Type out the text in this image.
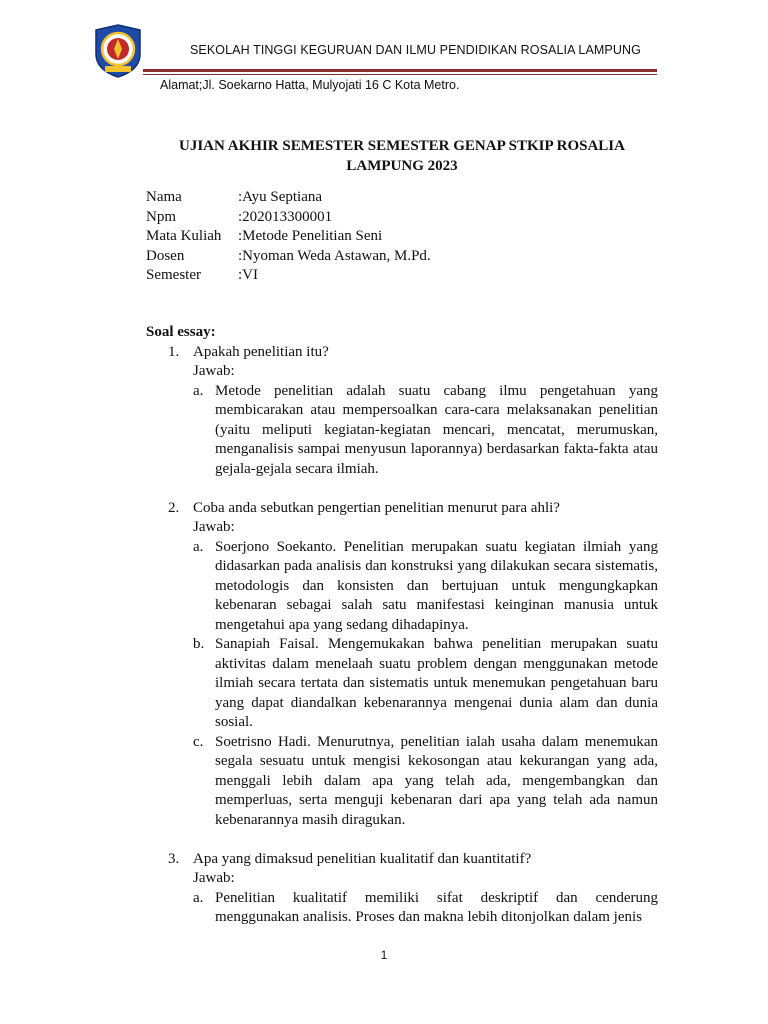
SEKOLAH TINGGI KEGURUAN DAN ILMU PENDIDIKAN ROSALIA LAMPUNG
Alamat;Jl. Soekarno Hatta, Mulyojati 16 C Kota Metro.
UJIAN AKHIR SEMESTER SEMESTER GENAP STKIP ROSALIA
LAMPUNG 2023
Nama	:Ayu Septiana
Npm	:202013300001
Mata Kuliah	:Metode Penelitian Seni
Dosen	:Nyoman Weda Astawan, M.Pd.
Semester	:VI
Soal essay:
1. Apakah penelitian itu?
Jawab:
a. Metode penelitian adalah suatu cabang ilmu pengetahuan yang membicarakan atau mempersoalkan cara-cara melaksanakan penelitian (yaitu meliputi kegiatan-kegiatan mencari, mencatat, merumuskan, menganalisis sampai menyusun laporannya) berdasarkan fakta-fakta atau gejala-gejala secara ilmiah.
2. Coba anda sebutkan pengertian penelitian menurut para ahli?
Jawab:
a. Soerjono Soekanto. Penelitian merupakan suatu kegiatan ilmiah yang didasarkan pada analisis dan konstruksi yang dilakukan secara sistematis, metodologis dan konsisten dan bertujuan untuk mengungkapkan kebenaran sebagai salah satu manifestasi keinginan manusia untuk mengetahui apa yang sedang dihadapinya.
b. Sanapiah Faisal. Mengemukakan bahwa penelitian merupakan suatu aktivitas dalam menelaah suatu problem dengan menggunakan metode ilmiah secara tertata dan sistematis untuk menemukan pengetahuan baru yang dapat diandalkan kebenarannya mengenai dunia alam dan dunia sosial.
c. Soetrisno Hadi. Menurutnya, penelitian ialah usaha dalam menemukan segala sesuatu untuk mengisi kekosongan atau kekurangan yang ada, menggali lebih dalam apa yang telah ada, mengembangkan dan memperluas, serta menguji kebenaran dari apa yang telah ada namun kebenarannya masih diragukan.
3. Apa yang dimaksud penelitian kualitatif dan kuantitatif?
Jawab:
a. Penelitian kualitatif memiliki sifat deskriptif dan cenderung menggunakan analisis. Proses dan makna lebih ditonjolkan dalam jenis
1
